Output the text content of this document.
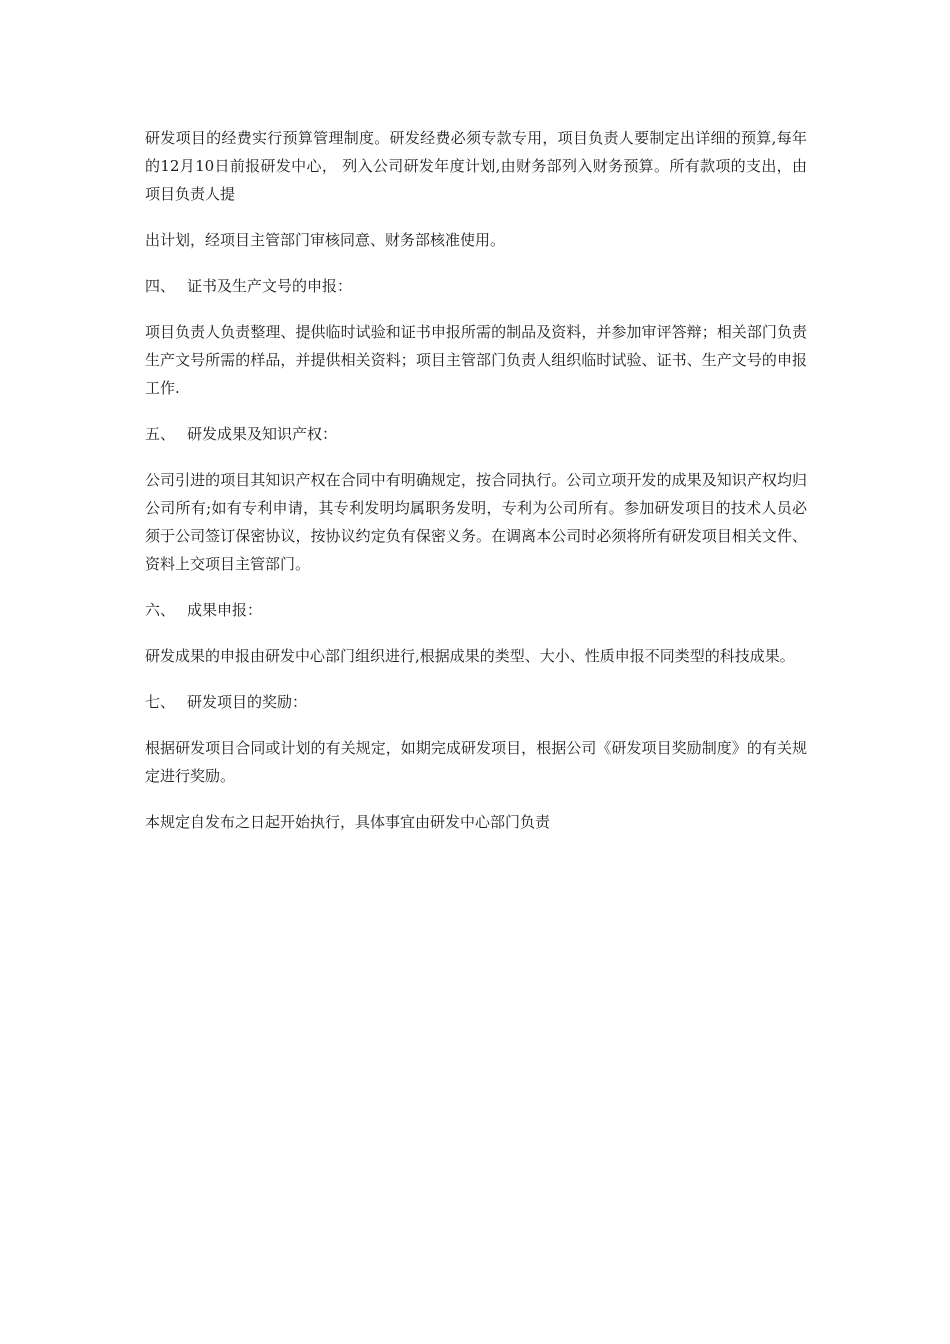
研发项目的经费实行预算管理制度。研发经费必须专款专用，项目负责人要制定出详细的预算,每年的12月10日前报研发中心， 列入公司研发年度计划,由财务部列入财务预算。所有款项的支出，由项目负责人提

出计划，经项目主管部门审核同意、财务部核准使用。

四、 证书及生产文号的申报：

项目负责人负责整理、提供临时试验和证书申报所需的制品及资料，并参加审评答辩；相关部门负责生产文号所需的样品，并提供相关资料；项目主管部门负责人组织临时试验、证书、生产文号的申报工作.

五、 研发成果及知识产权：

公司引进的项目其知识产权在合同中有明确规定，按合同执行。公司立项开发的成果及知识产权均归公司所有;如有专利申请，其专利发明均属职务发明，专利为公司所有。参加研发项目的技术人员必须于公司签订保密协议，按协议约定负有保密义务。在调离本公司时必须将所有研发项目相关文件、资料上交项目主管部门。

六、 成果申报：

研发成果的申报由研发中心部门组织进行,根据成果的类型、大小、性质申报不同类型的科技成果。

七、 研发项目的奖励：

根据研发项目合同或计划的有关规定，如期完成研发项目，根据公司《研发项目奖励制度》的有关规定进行奖励。

本规定自发布之日起开始执行，具体事宜由研发中心部门负责
